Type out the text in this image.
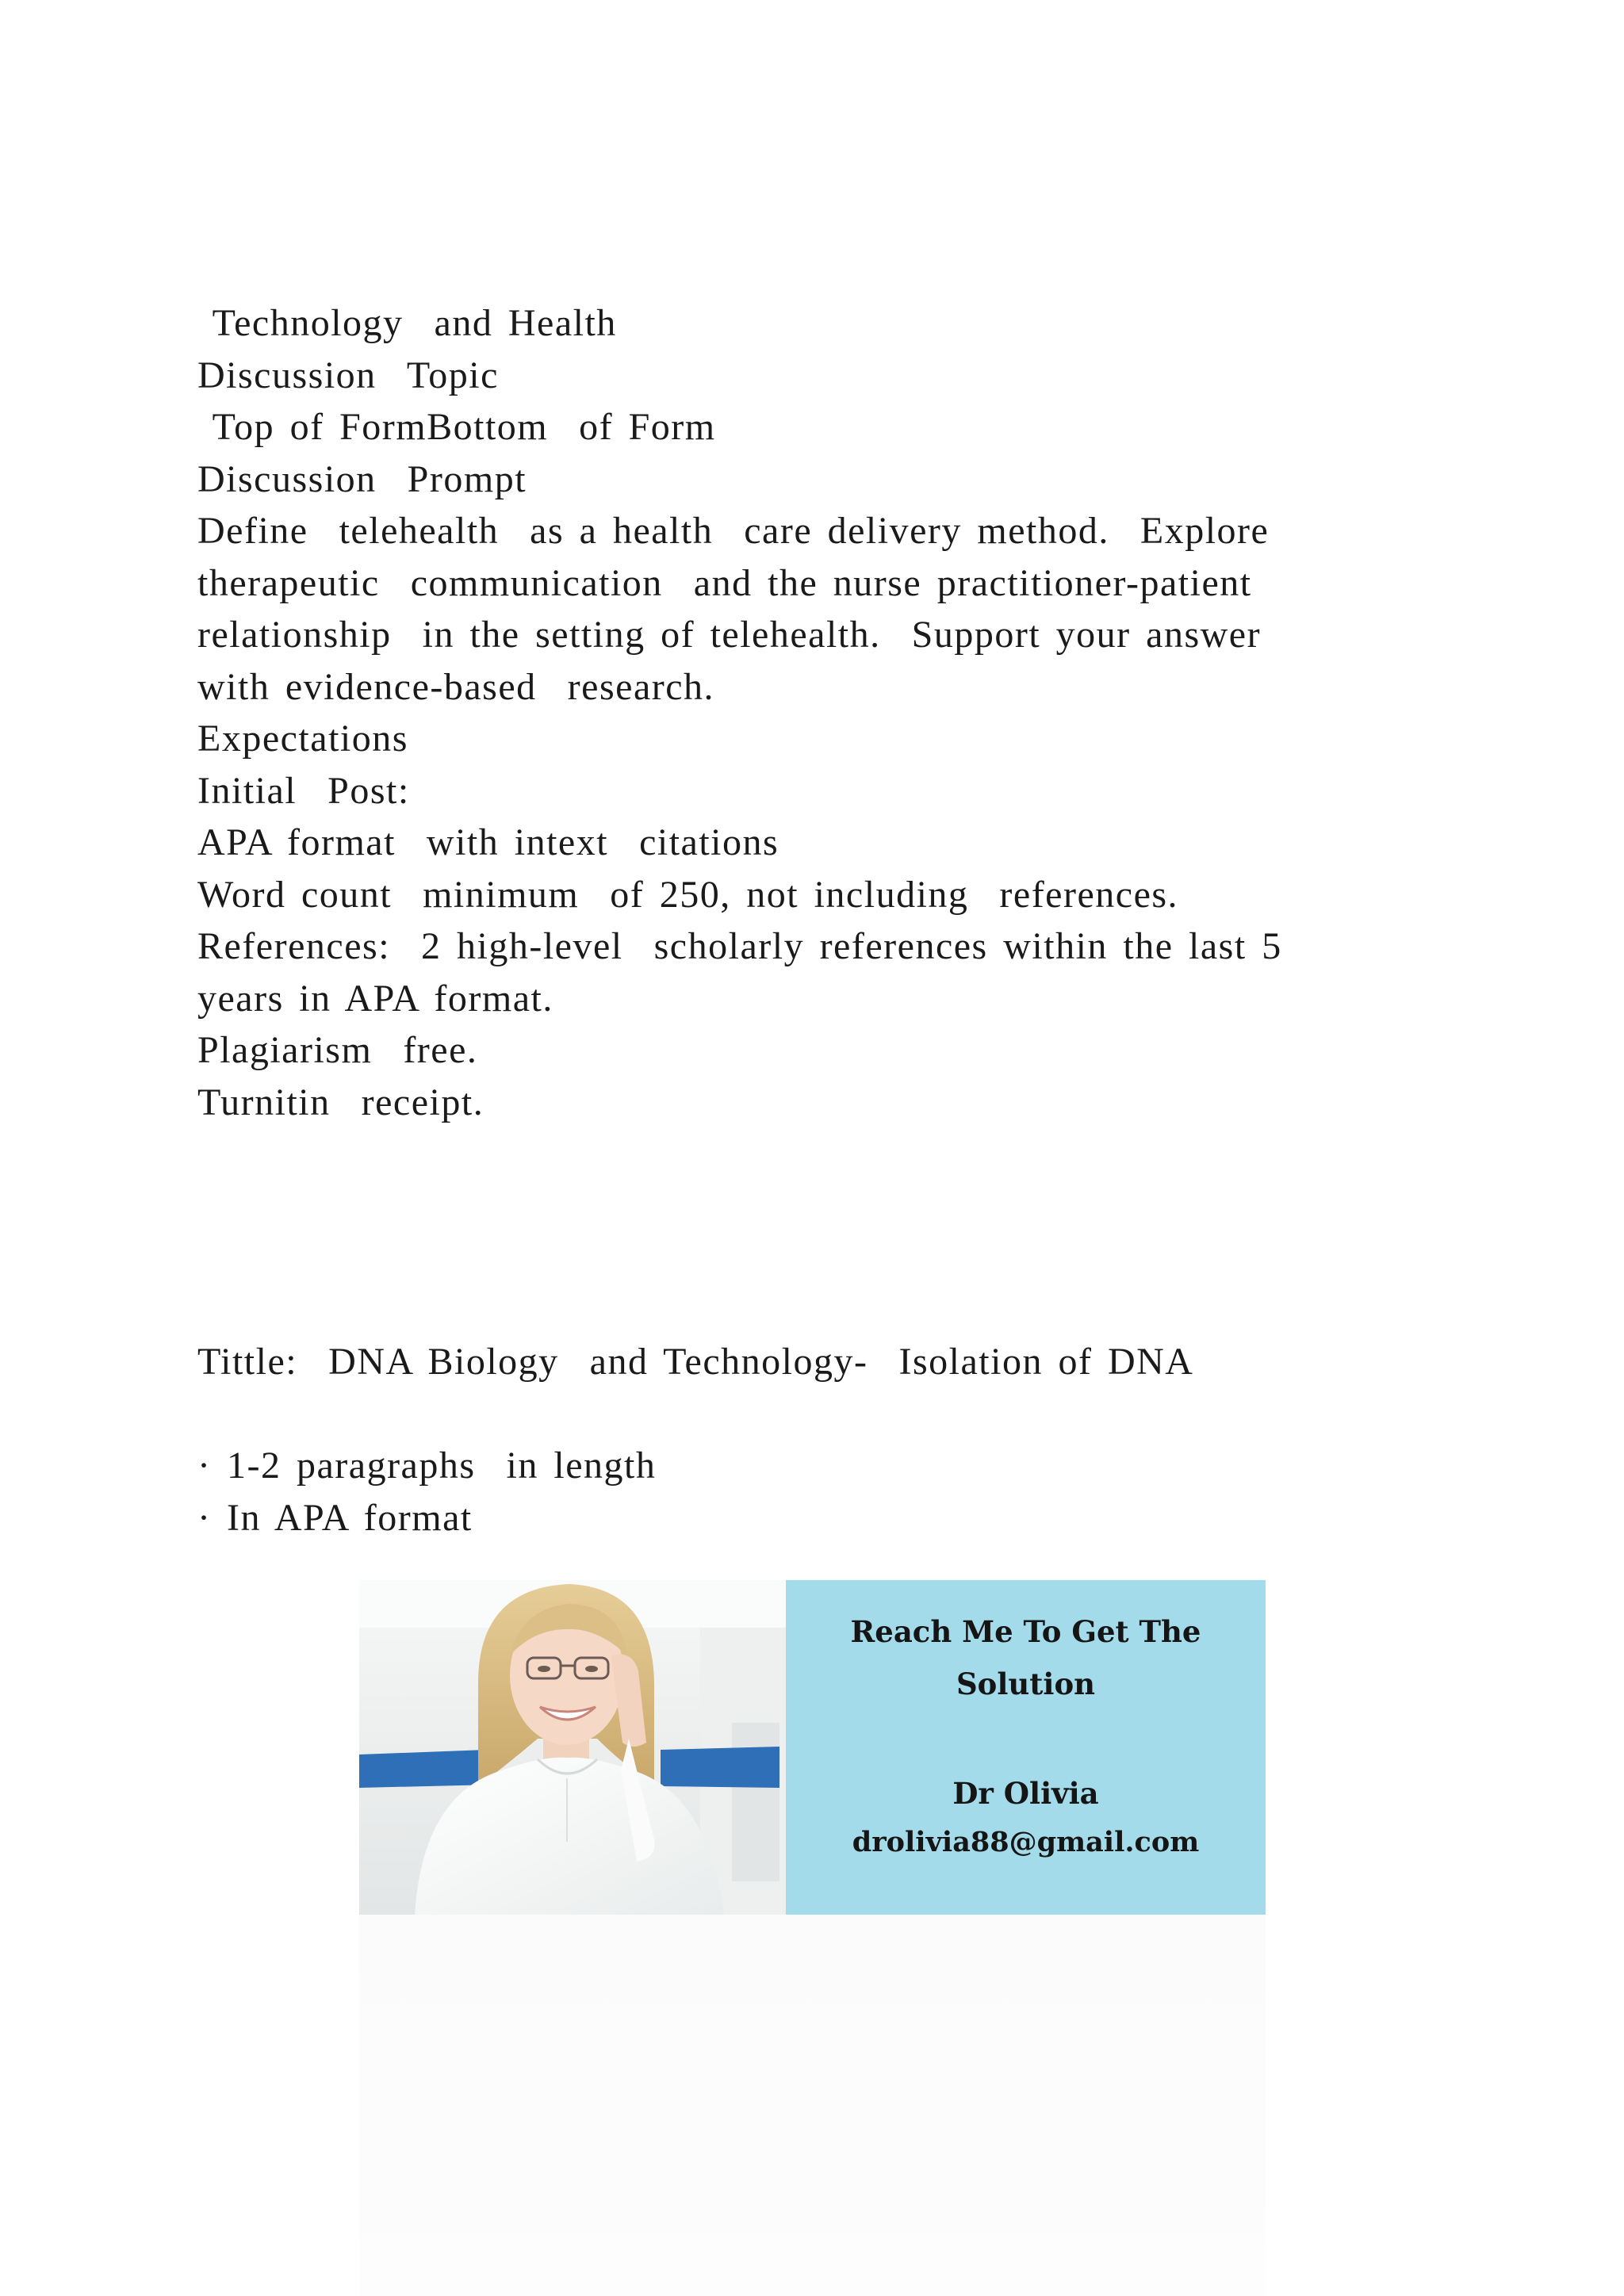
Technology  and Health
Discussion  Topic
Top of FormBottom  of Form
Discussion  Prompt
Define  telehealth  as a health  care delivery method.  Explore
therapeutic  communication  and the nurse practitioner-patient
relationship  in the setting of telehealth.  Support your answer
with evidence-based  research.
Expectations
Initial  Post:
APA format  with intext  citations
Word count  minimum  of 250, not including  references.
References:  2 high-level  scholarly references within the last 5
years in APA format.
Plagiarism  free.
Turnitin  receipt.
Tittle:  DNA Biology  and Technology-  Isolation of DNA
· 1-2 paragraphs  in length
· In APA format
Reach Me To Get The
Solution
Dr Olivia
drolivia88@gmail.com
